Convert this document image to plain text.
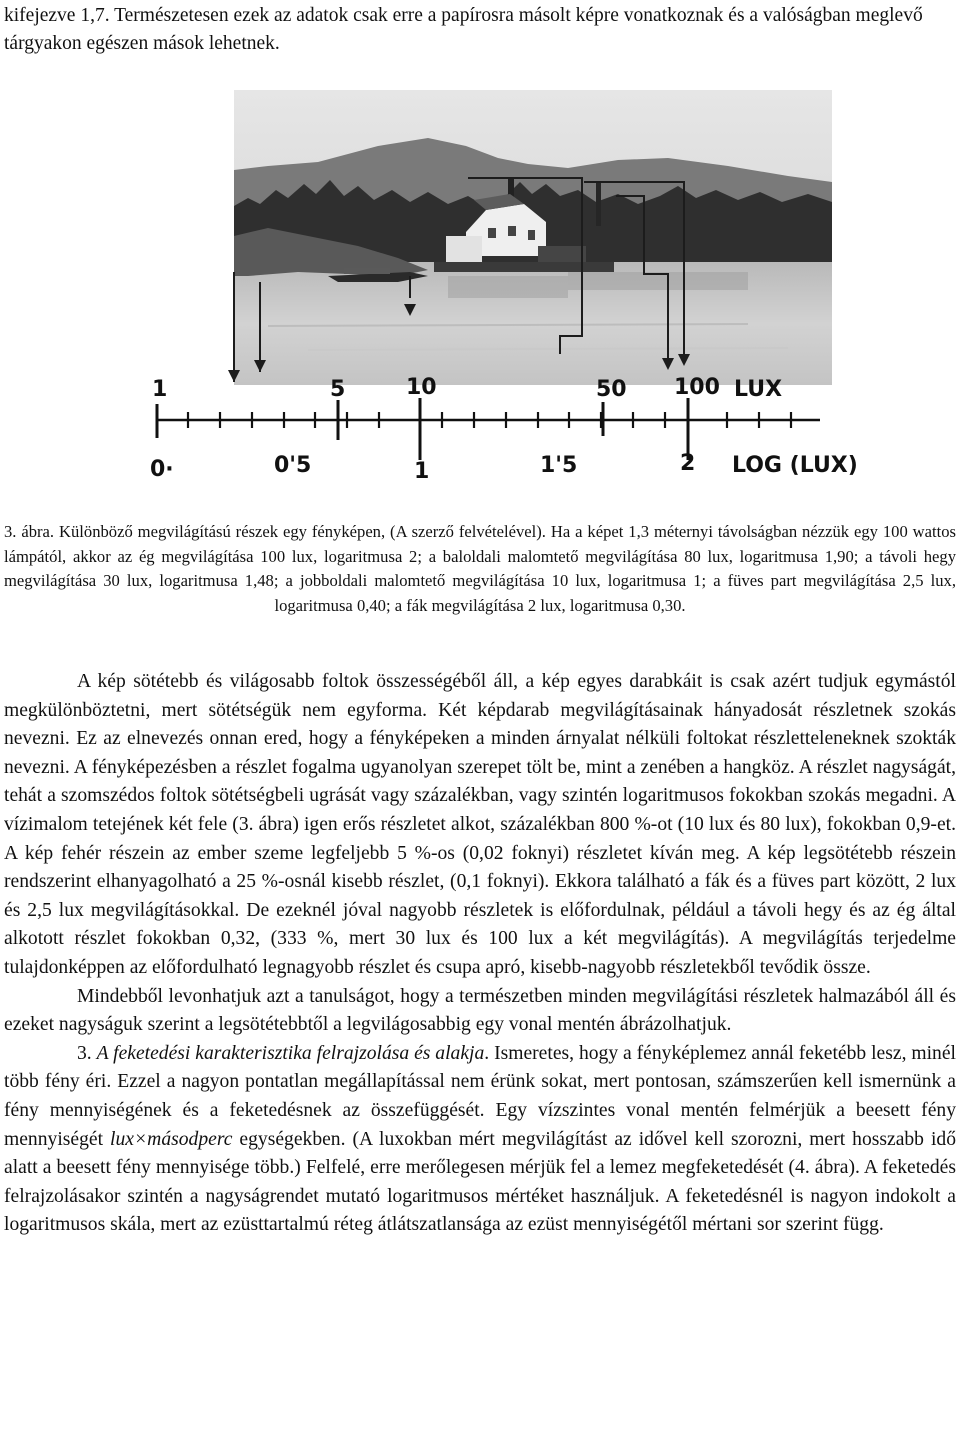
kifejezve 1,7. Természetesen ezek az adatok csak erre a papírosra másolt képre vonatkoznak és a valóságban meglevő tárgyakon egészen mások lehetnek.
1	5	10	50 100 LUX
0·	0'5	1	1'5	2 LOG (LUX)
3. ábra. Különböző megvilágítású részek egy fényképen, (A szerző felvételével). Ha a képet 1,3 méternyi távolságban nézzük egy 100 wattos lámpától, akkor az ég megvilágítása 100 lux, logaritmusa 2; a baloldali malomtető megvilágítása 80 lux, logaritmusa 1,90; a távoli hegy megvilágítása 30 lux, logaritmusa 1,48; a jobboldali malomtető megvilágítása 10 lux, logaritmusa 1; a füves part megvilágítása 2,5 lux, logaritmusa 0,40; a fák megvilágítása 2 lux, logaritmusa 0,30.

A kép sötétebb és világosabb foltok összességéből áll, a kép egyes darabkáit is csak azért tudjuk egymástól megkülönböztetni, mert sötétségük nem egyforma. Két képdarab megvilágításainak hányadosát részletnek szokás nevezni. Ez az elnevezés onnan ered, hogy a fényképeken a minden árnyalat nélküli foltokat részletteleneknek szokták nevezni. A fényképezésben a részlet fogalma ugyanolyan szerepet tölt be, mint a zenében a hangköz. A részlet nagyságát, tehát a szomszédos foltok sötétségbeli ugrását vagy százalékban, vagy szintén logaritmusos fokokban szokás megadni. A vízimalom tetejének két fele (3. ábra) igen erős részletet alkot, százalékban 800 %-ot (10 lux és 80 lux), fokokban 0,9-et. A kép fehér részein az ember szeme legfeljebb 5 %-os (0,02 foknyi) részletet kíván meg. A kép legsötétebb részein rendszerint elhanyagolható a 25 %-osnál kisebb részlet, (0,1 foknyi). Ekkora található a fák és a füves part között, 2 lux és 2,5 lux megvilágításokkal. De ezeknél jóval nagyobb részletek is előfordulnak, például a távoli hegy és az ég által alkotott részlet fokokban 0,32, (333 %, mert 30 lux és 100 lux a két megvilágítás). A megvilágítás terjedelme tulajdonképpen az előfordulható legnagyobb részlet és csupa apró, kisebb-nagyobb részletekből tevődik össze.

Mindebből levonhatjuk azt a tanulságot, hogy a természetben minden megvilágítási részletek halmazából áll és ezeket nagyságuk szerint a legsötétebbtől a legvilágosabbig egy vonal mentén ábrázolhatjuk.

3. A feketedési karakterisztika felrajzolása és alakja. Ismeretes, hogy a fényképlemez annál feketébb lesz, minél több fény éri. Ezzel a nagyon pontatlan megállapítással nem érünk sokat, mert pontosan, számszerűen kell ismernünk a fény mennyiségének és a feketedésnek az összefüggését. Egy vízszintes vonal mentén felmérjük a beesett fény mennyiségét lux×másodperc egységekben. (A luxokban mért megvilágítást az idővel kell szorozni, mert hosszabb idő alatt a beesett fény mennyisége több.) Felfelé, erre merőlegesen mérjük fel a lemez megfeketedését (4. ábra). A feketedés felrajzolásakor szintén a nagyságrendet mutató logaritmusos mértéket használjuk. A feketedésnél is nagyon indokolt a logaritmusos skála, mert az ezüsttartalmú réteg átlátszatlansága az ezüst mennyiségétől mértani sor szerint függ.
